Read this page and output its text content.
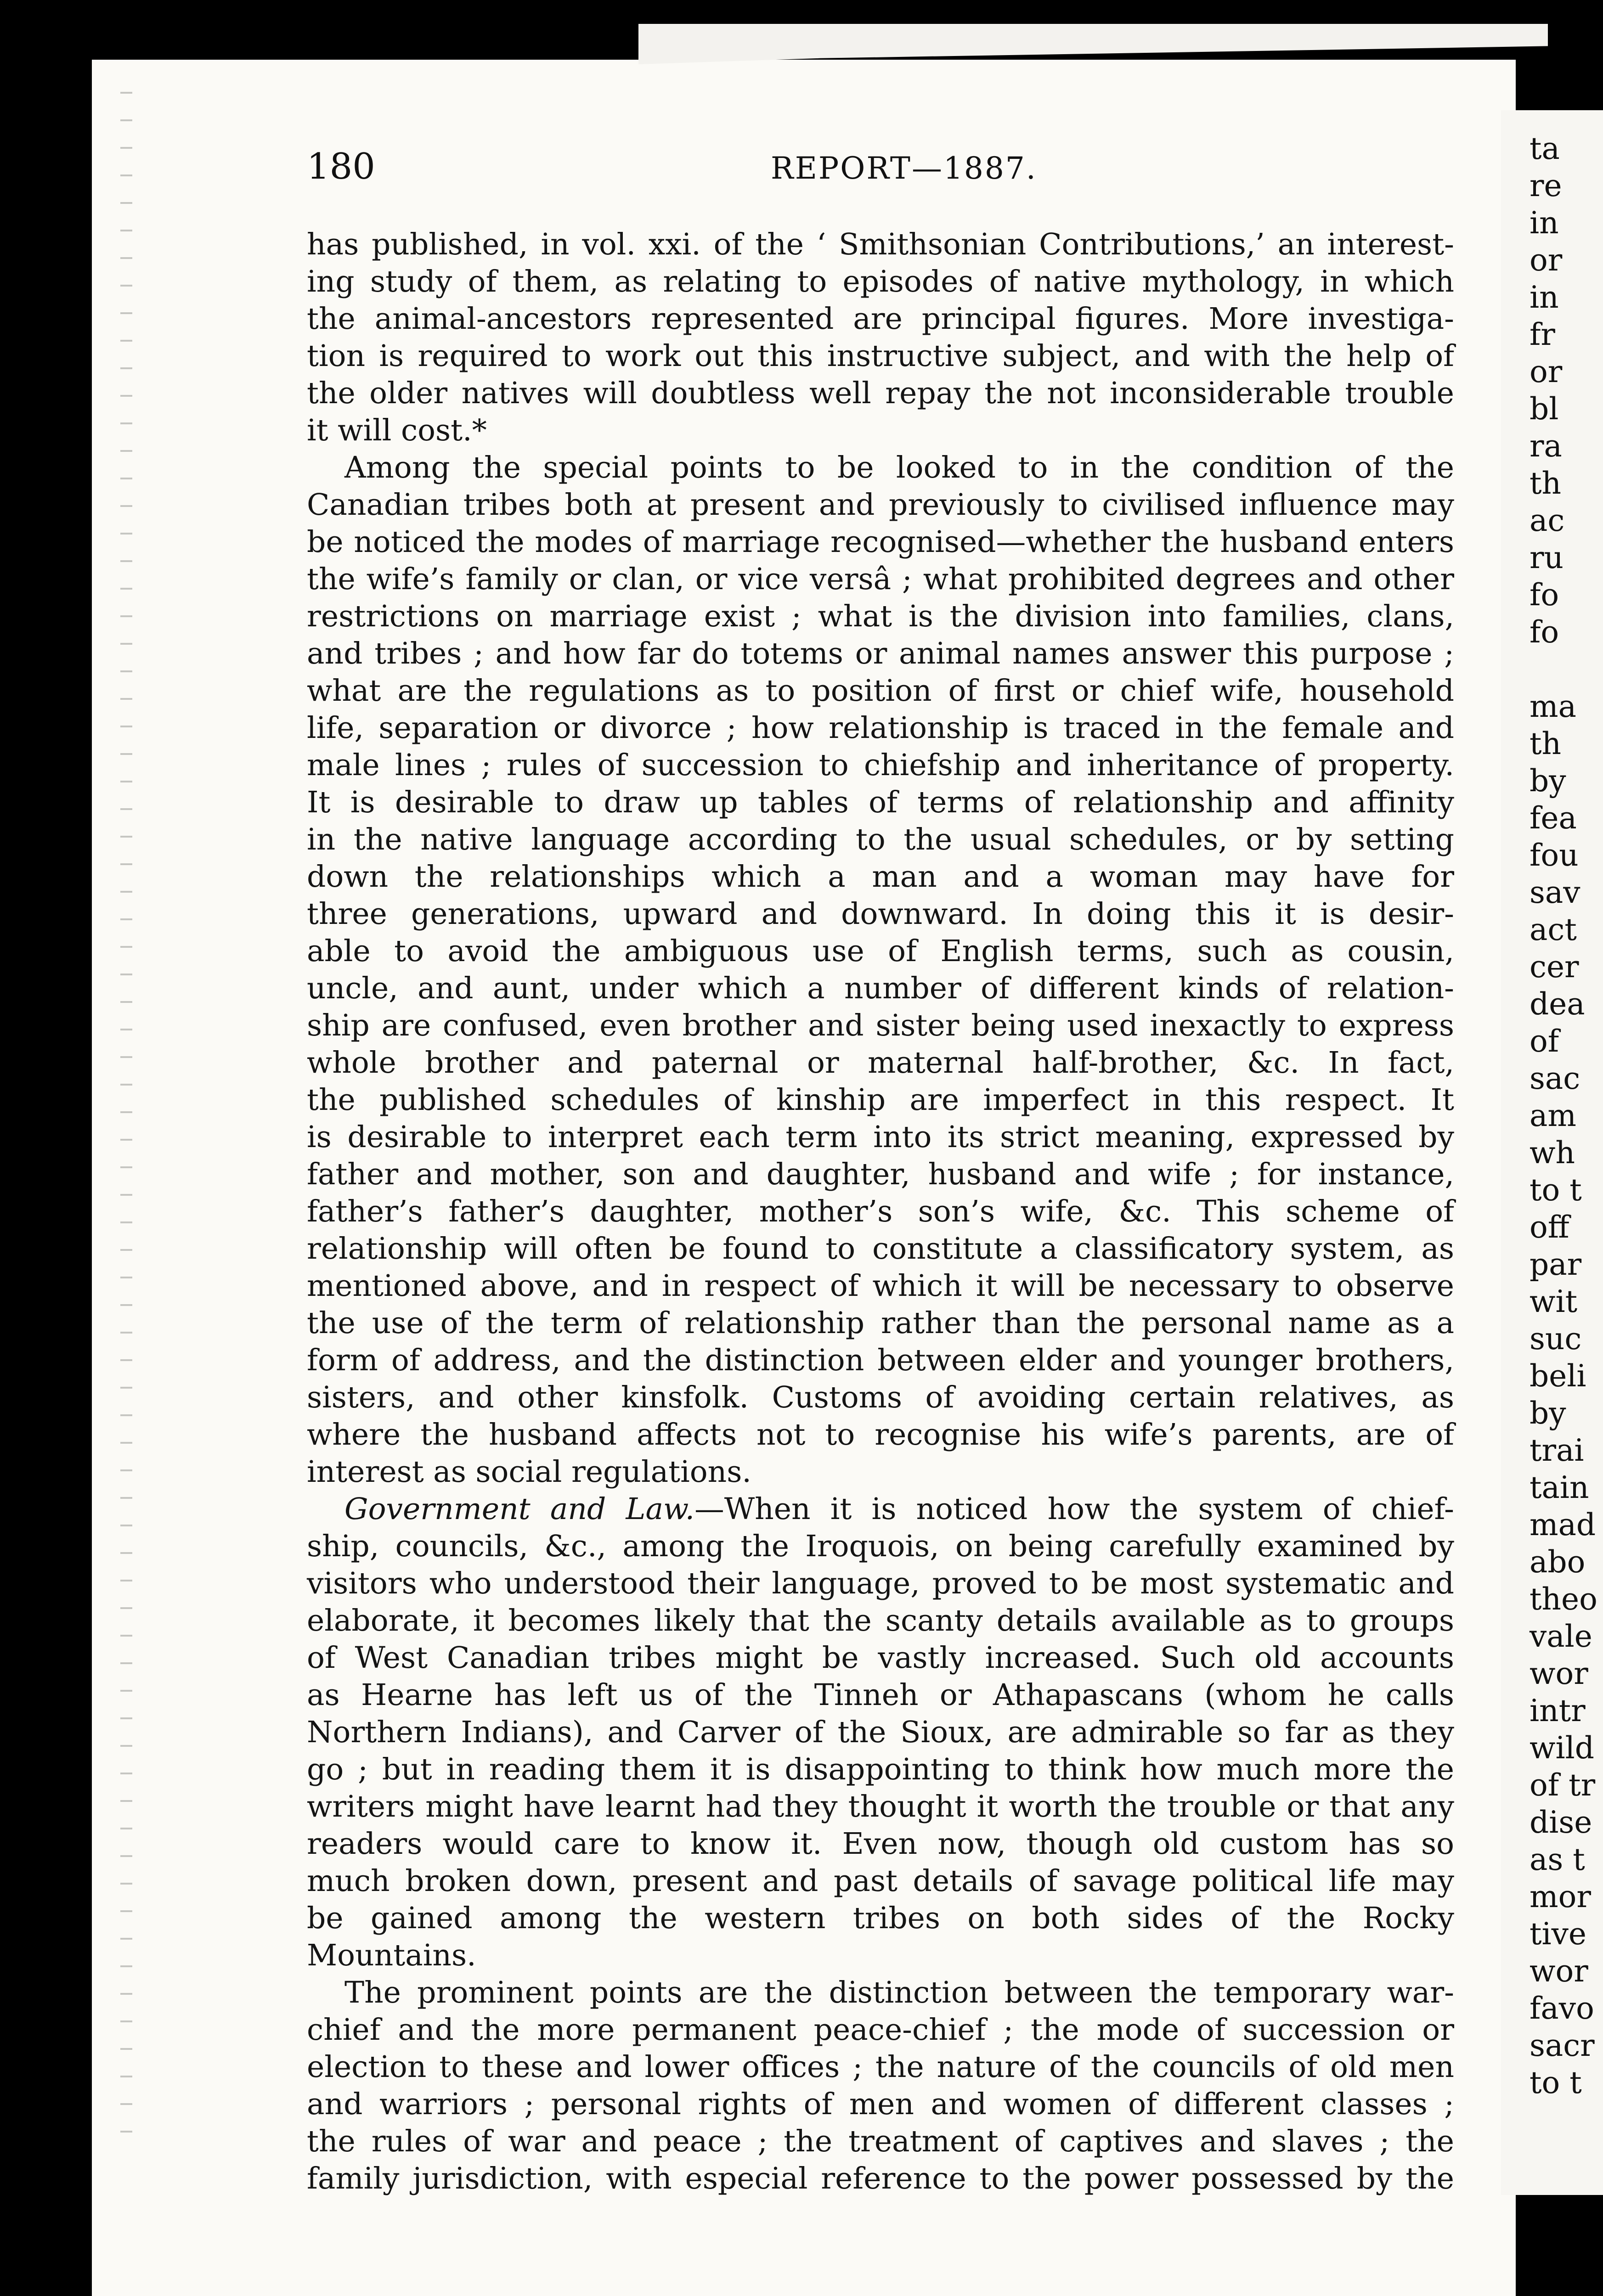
ta
re
in
or
in
fr
or
bl
ra
th
ac
ru
fo
fo
ma
th
by
fea
fou
sav
act
cer
dea
of
sac
am
wh
to t
off
par
wit
suc
beli
by
trai
tain
mad
abo
theo
vale
wor
intr
wild
of tr
dise
as t
mor
tive
wor
favo
sacr
to t
180	REPORT—1887.
has published, in vol. xxi. of the ‘ Smithsonian Contributions,’ an interest-
ing study of them, as relating to episodes of native mythology, in which
the animal-ancestors represented are principal figures. More investiga-
tion is required to work out this instructive subject, and with the help of
the older natives will doubtless well repay the not inconsiderable trouble
it will cost.*
Among the special points to be looked to in the condition of the
Canadian tribes both at present and previously to civilised influence may
be noticed the modes of marriage recognised—whether the husband enters
the wife’s family or clan, or vice versâ ; what prohibited degrees and other
restrictions on marriage exist ; what is the division into families, clans,
and tribes ; and how far do totems or animal names answer this purpose ;
what are the regulations as to position of first or chief wife, household
life, separation or divorce ; how relationship is traced in the female and
male lines ; rules of succession to chiefship and inheritance of property.
It is desirable to draw up tables of terms of relationship and affinity
in the native language according to the usual schedules, or by setting
down the relationships which a man and a woman may have for
three generations, upward and downward. In doing this it is desir-
able to avoid the ambiguous use of English terms, such as cousin,
uncle, and aunt, under which a number of different kinds of relation-
ship are confused, even brother and sister being used inexactly to express
whole brother and paternal or maternal half-brother, &c. In fact,
the published schedules of kinship are imperfect in this respect. It
is desirable to interpret each term into its strict meaning, expressed by
father and mother, son and daughter, husband and wife ; for instance,
father’s father’s daughter, mother’s son’s wife, &c. This scheme of
relationship will often be found to constitute a classificatory system, as
mentioned above, and in respect of which it will be necessary to observe
the use of the term of relationship rather than the personal name as a
form of address, and the distinction between elder and younger brothers,
sisters, and other kinsfolk. Customs of avoiding certain relatives, as
where the husband affects not to recognise his wife’s parents, are of
interest as social regulations.
Government and Law.—When it is noticed how the system of chief-
ship, councils, &c., among the Iroquois, on being carefully examined by
visitors who understood their language, proved to be most systematic and
elaborate, it becomes likely that the scanty details available as to groups
of West Canadian tribes might be vastly increased. Such old accounts
as Hearne has left us of the Tinneh or Athapascans (whom he calls
Northern Indians), and Carver of the Sioux, are admirable so far as they
go ; but in reading them it is disappointing to think how much more the
writers might have learnt had they thought it worth the trouble or that any
readers would care to know it. Even now, though old custom has so
much broken down, present and past details of savage political life may
be gained among the western tribes on both sides of the Rocky
Mountains.
The prominent points are the distinction between the temporary war-
chief and the more permanent peace-chief ; the mode of succession or
election to these and lower offices ; the nature of the councils of old men
and warriors ; personal rights of men and women of different classes ;
the rules of war and peace ; the treatment of captives and slaves ; the
family jurisdiction, with especial reference to the power possessed by the
